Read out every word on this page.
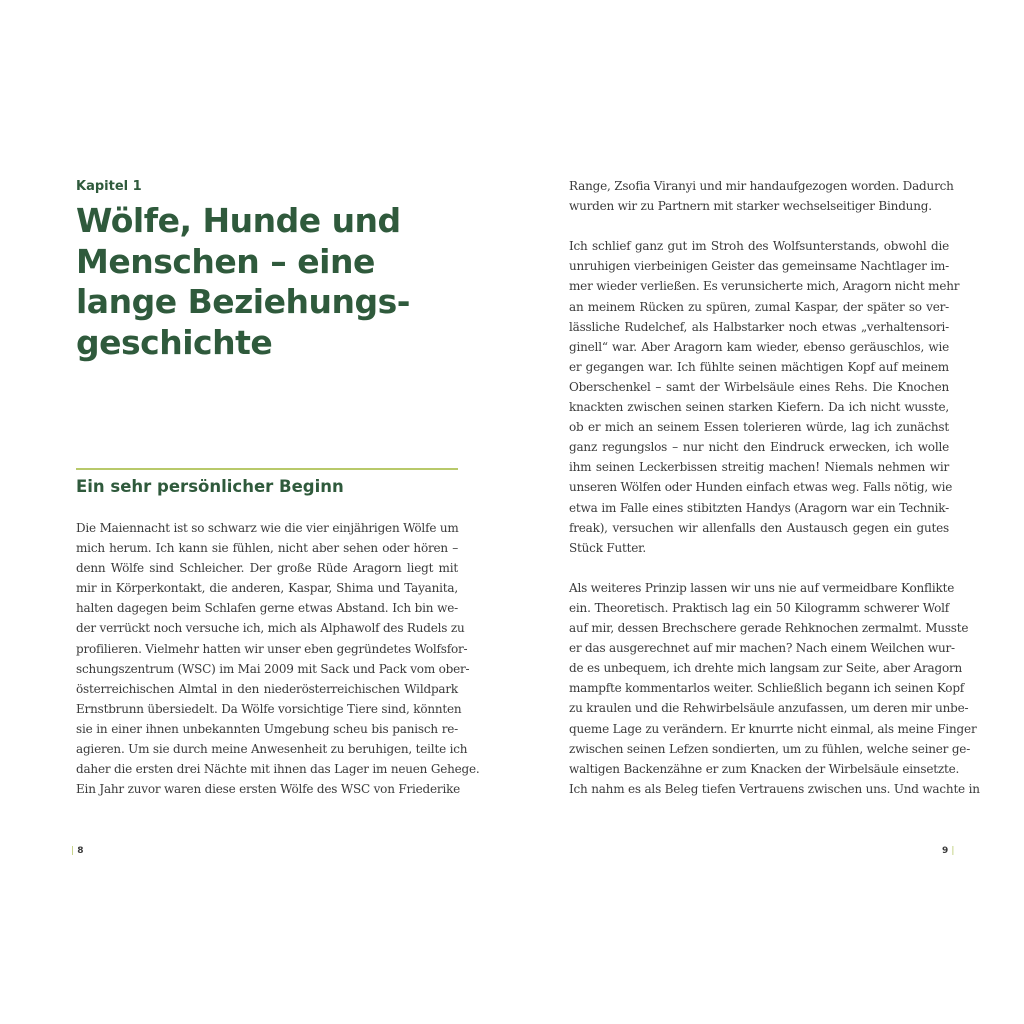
Kapitel 1
Wölfe, Hunde und
Menschen – eine
lange Beziehungs-
geschichte
Ein sehr persönlicher Beginn
Die Maiennacht ist so schwarz wie die vier einjährigen Wölfe um
mich herum. Ich kann sie fühlen, nicht aber sehen oder hören –
denn Wölfe sind Schleicher. Der große Rüde Aragorn liegt mit
mir in Körperkontakt, die anderen, Kaspar, Shima und Tayanita,
halten dagegen beim Schlafen gerne etwas Abstand. Ich bin we-
der verrückt noch versuche ich, mich als Alphawolf des Rudels zu
profilieren. Vielmehr hatten wir unser eben gegründetes Wolfsfor-
schungszentrum (WSC) im Mai 2009 mit Sack und Pack vom ober-
österreichischen Almtal in den niederösterreichischen Wildpark
Ernstbrunn übersiedelt. Da Wölfe vorsichtige Tiere sind, könnten
sie in einer ihnen unbekannten Umgebung scheu bis panisch re-
agieren. Um sie durch meine Anwesenheit zu beruhigen, teilte ich
daher die ersten drei Nächte mit ihnen das Lager im neuen Gehege.
Ein Jahr zuvor waren diese ersten Wölfe des WSC von Friederike
Range, Zsofia Viranyi und mir handaufgezogen worden. Dadurch
wurden wir zu Partnern mit starker wechselseitiger Bindung.
Ich schlief ganz gut im Stroh des Wolfsunterstands, obwohl die
unruhigen vierbeinigen Geister das gemeinsame Nachtlager im-
mer wieder verließen. Es verunsicherte mich, Aragorn nicht mehr
an meinem Rücken zu spüren, zumal Kaspar, der später so ver-
lässliche Rudelchef, als Halbstarker noch etwas „verhaltensori-
ginell“ war. Aber Aragorn kam wieder, ebenso geräuschlos, wie
er gegangen war. Ich fühlte seinen mächtigen Kopf auf meinem
Oberschenkel – samt der Wirbelsäule eines Rehs. Die Knochen
knackten zwischen seinen starken Kiefern. Da ich nicht wusste,
ob er mich an seinem Essen tolerieren würde, lag ich zunächst
ganz regungslos – nur nicht den Eindruck erwecken, ich wolle
ihm seinen Leckerbissen streitig machen! Niemals nehmen wir
unseren Wölfen oder Hunden einfach etwas weg. Falls nötig, wie
etwa im Falle eines stibitzten Handys (Aragorn war ein Technik-
freak), versuchen wir allenfalls den Austausch gegen ein gutes
Stück Futter.
Als weiteres Prinzip lassen wir uns nie auf vermeidbare Konflikte
ein. Theoretisch. Praktisch lag ein 50 Kilogramm schwerer Wolf
auf mir, dessen Brechschere gerade Rehknochen zermalmt. Musste
er das ausgerechnet auf mir machen? Nach einem Weilchen wur-
de es unbequem, ich drehte mich langsam zur Seite, aber Aragorn
mampfte kommentarlos weiter. Schließlich begann ich seinen Kopf
zu kraulen und die Rehwirbelsäule anzufassen, um deren mir unbe-
queme Lage zu verändern. Er knurrte nicht einmal, als meine Finger
zwischen seinen Lefzen sondierten, um zu fühlen, welche seiner ge-
waltigen Backenzähne er zum Knacken der Wirbelsäule einsetzte.
Ich nahm es als Beleg tiefen Vertrauens zwischen uns. Und wachte in
| 8	9 |
